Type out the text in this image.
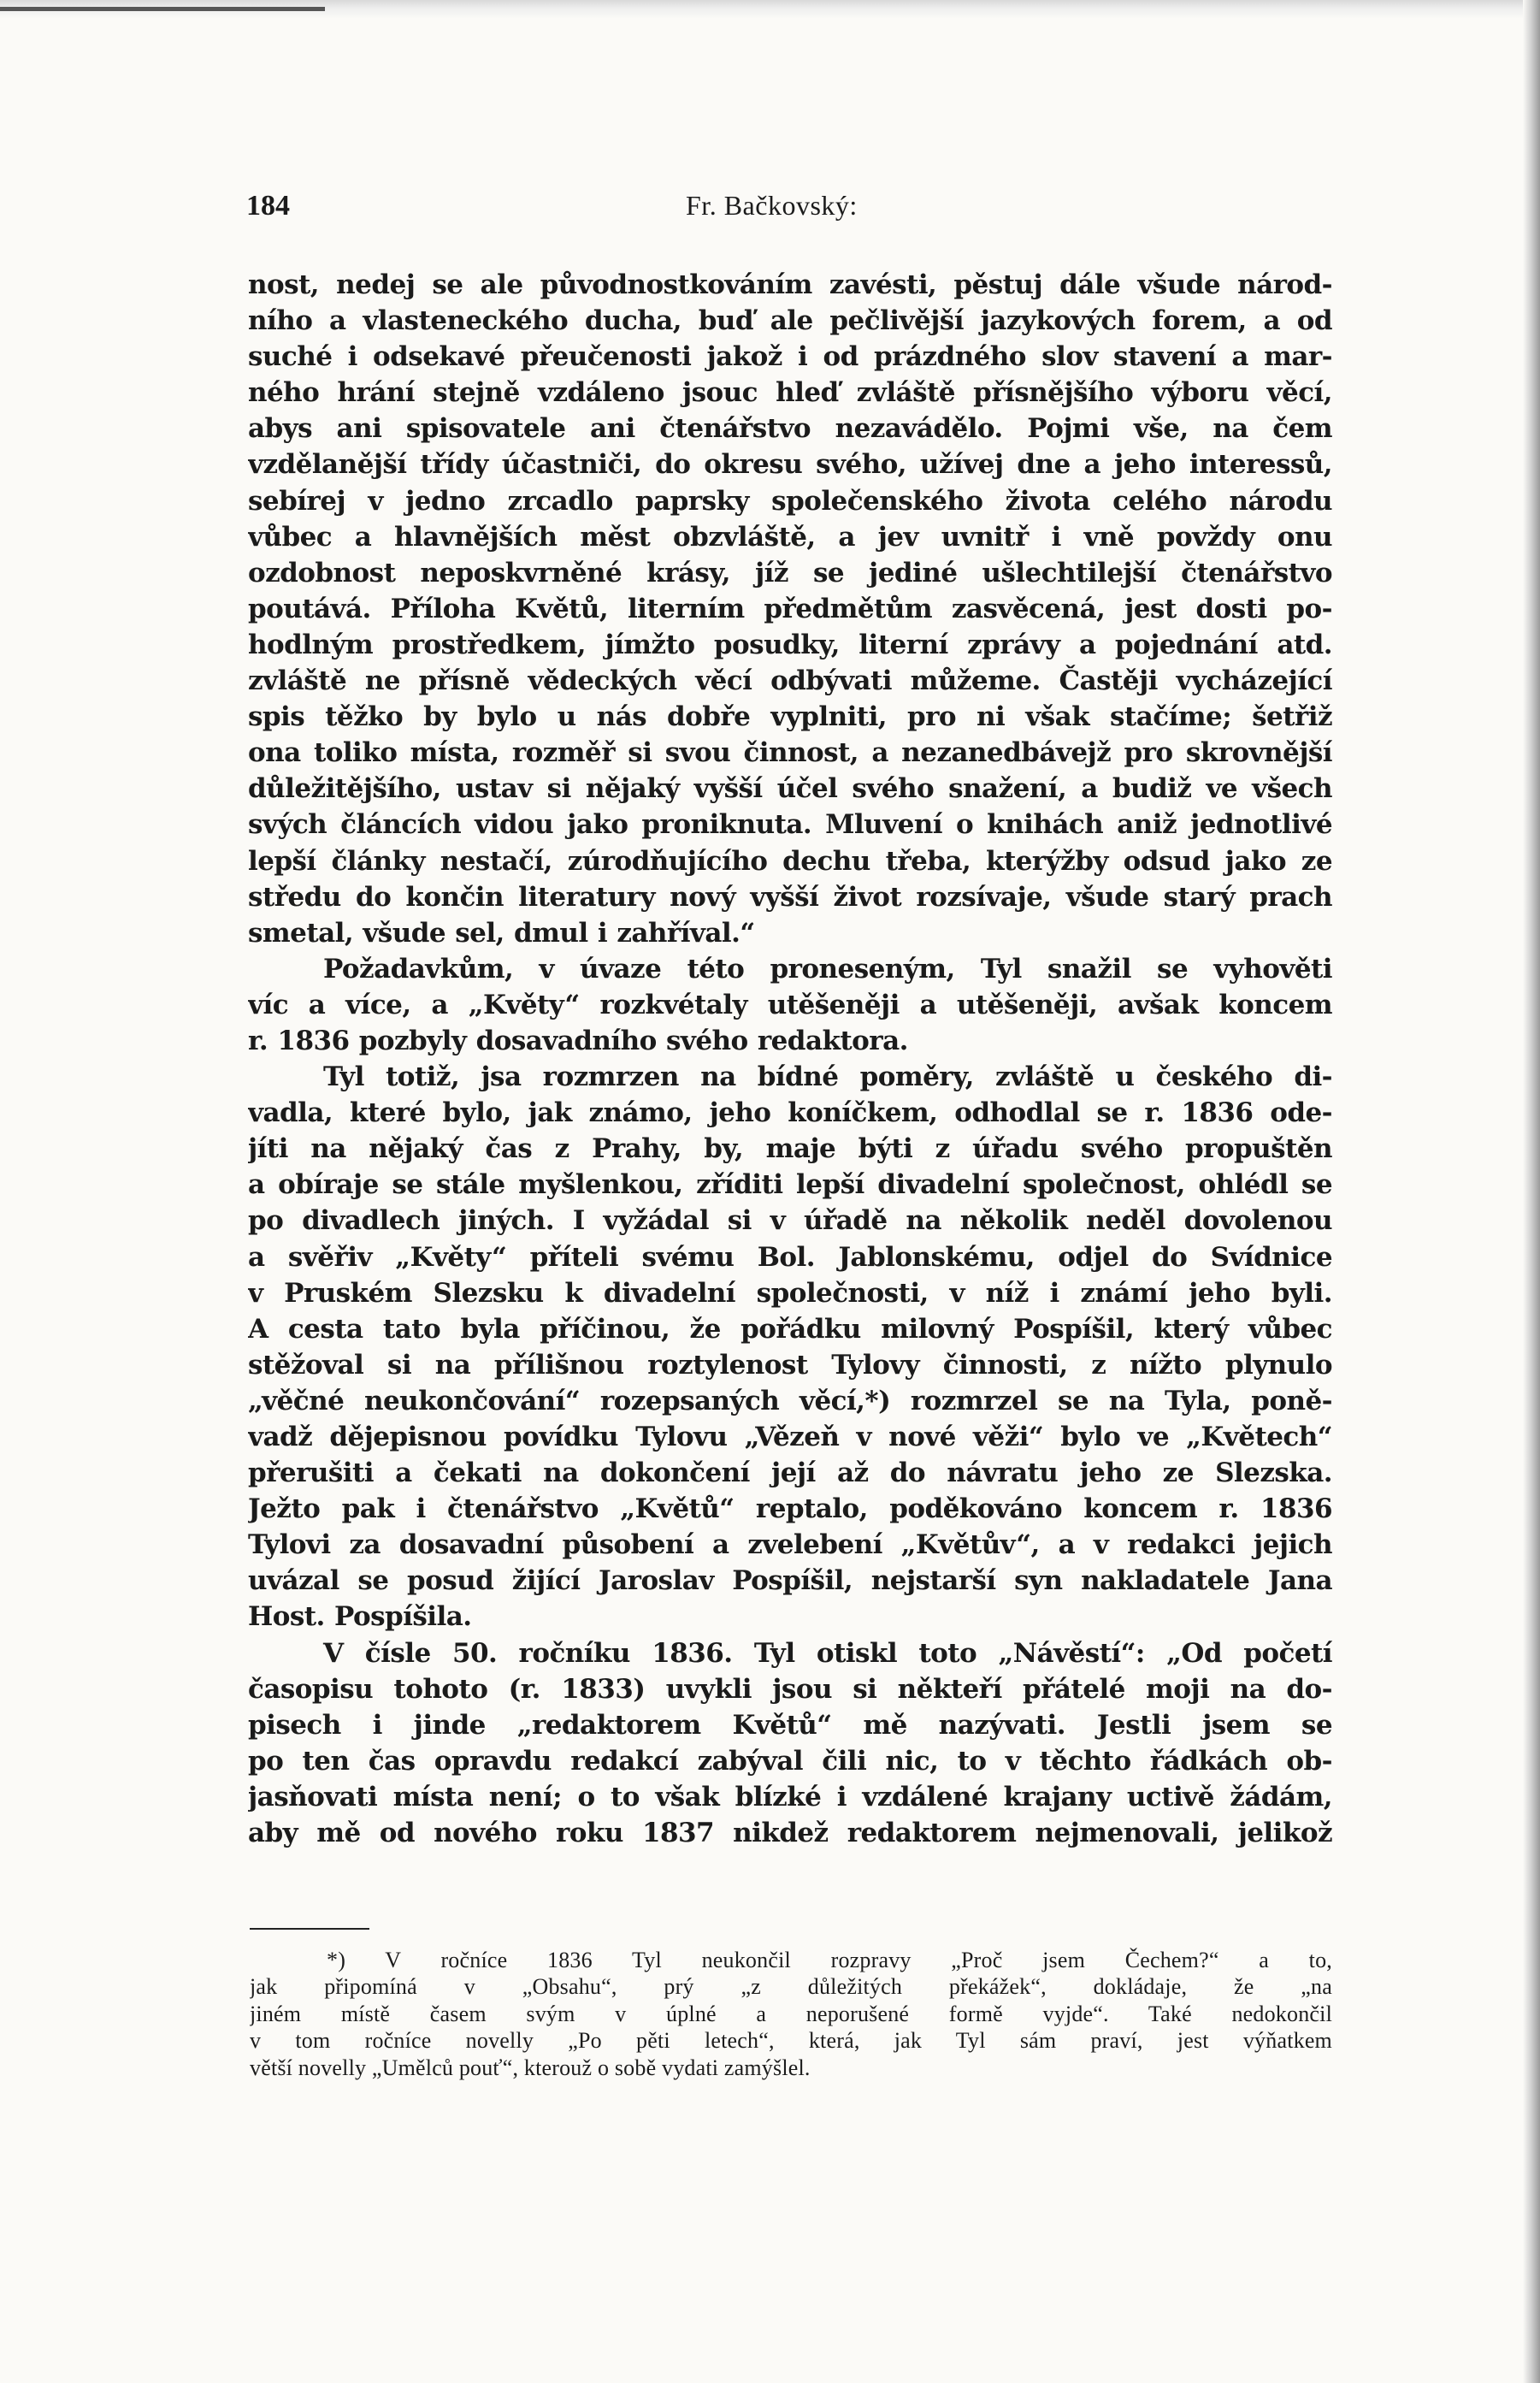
184	Fr. Bačkovský:
nost, nedej se ale původnostkováním zavésti, pěstuj dále všude národ-
ního a vlasteneckého ducha, buď ale pečlivější jazykových forem, a od
suché i odsekavé přeučenosti jakož i od prázdného slov stavení a mar-
ného hrání stejně vzdáleno jsouc hleď zvláště přísnějšího výboru věcí,
abys ani spisovatele ani čtenářstvo nezavádělo. Pojmi vše, na čem
vzdělanější třídy účastniči, do okresu svého, užívej dne a jeho interessů,
sebírej v jedno zrcadlo paprsky společenského života celého národu
vůbec a hlavnějších měst obzvláště, a jev uvnitř i vně povždy onu
ozdobnost neposkvrněné krásy, jíž se jediné ušlechtilejší čtenářstvo
poutává. Příloha Květů, literním předmětům zasvěcená, jest dosti po-
hodlným prostředkem, jímžto posudky, literní zprávy a pojednání atd.
zvláště ne přísně vědeckých věcí odbývati můžeme. Častěji vycházející
spis těžko by bylo u nás dobře vyplniti, pro ni však stačíme; šetřiž
ona toliko místa, rozměř si svou činnost, a nezanedbávejž pro skrovnější
důležitějšího, ustav si nějaký vyšší účel svého snažení, a budiž ve všech
svých článcích vidou jako proniknuta. Mluvení o knihách aniž jednotlivé
lepší články nestačí, zúrodňujícího dechu třeba, kterýžby odsud jako ze
středu do končin literatury nový vyšší život rozsívaje, všude starý prach
smetal, všude sel, dmul i zahříval.“
Požadavkům, v úvaze této proneseným, Tyl snažil se vyhověti
víc a více, a „Květy“ rozkvétaly utěšeněji a utěšeněji, avšak koncem
r. 1836 pozbyly dosavadního svého redaktora.
Tyl totiž, jsa rozmrzen na bídné poměry, zvláště u českého di-
vadla, které bylo, jak známo, jeho koníčkem, odhodlal se r. 1836 ode-
jíti na nějaký čas z Prahy, by, maje býti z úřadu svého propuštěn
a obíraje se stále myšlenkou, zříditi lepší divadelní společnost, ohlédl se
po divadlech jiných. I vyžádal si v úřadě na několik neděl dovolenou
a svěřiv „Květy“ příteli svému Bol. Jablonskému, odjel do Svídnice
v Pruském Slezsku k divadelní společnosti, v níž i známí jeho byli.
A cesta tato byla příčinou, že pořádku milovný Pospíšil, který vůbec
stěžoval si na přílišnou roztylenost Tylovy činnosti, z nížto plynulo
„věčné neukončování“ rozepsaných věcí,*) rozmrzel se na Tyla, poně-
vadž dějepisnou povídku Tylovu „Vězeň v nové věži“ bylo ve „Květech“
přerušiti a čekati na dokončení její až do návratu jeho ze Slezska.
Ježto pak i čtenářstvo „Květů“ reptalo, poděkováno koncem r. 1836
Tylovi za dosavadní působení a zvelebení „Květův“, a v redakci jejich
uvázal se posud žijící Jaroslav Pospíšil, nejstarší syn nakladatele Jana
Host. Pospíšila.
V čísle 50. ročníku 1836. Tyl otiskl toto „Návěstí“: „Od početí
časopisu tohoto (r. 1833) uvykli jsou si někteří přátelé moji na do-
pisech i jinde „redaktorem Květů“ mě nazývati. Jestli jsem se
po ten čas opravdu redakcí zabýval čili nic, to v těchto řádkách ob-
jasňovati místa není; o to však blízké i vzdálené krajany uctivě žádám,
aby mě od nového roku 1837 nikdež redaktorem nejmenovali, jelikož
*) V ročníce 1836 Tyl neukončil rozpravy „Proč jsem Čechem?“ a to,
jak připomíná v „Obsahu“, prý „z důležitých překážek“, dokládaje, že „na
jiném místě časem svým v úplné a neporušené formě vyjde“. Také nedokončil
v tom ročníce novelly „Po pěti letech“, která, jak Tyl sám praví, jest výňatkem
větší novelly „Umělců pouť“, kterouž o sobě vydati zamýšlel.
